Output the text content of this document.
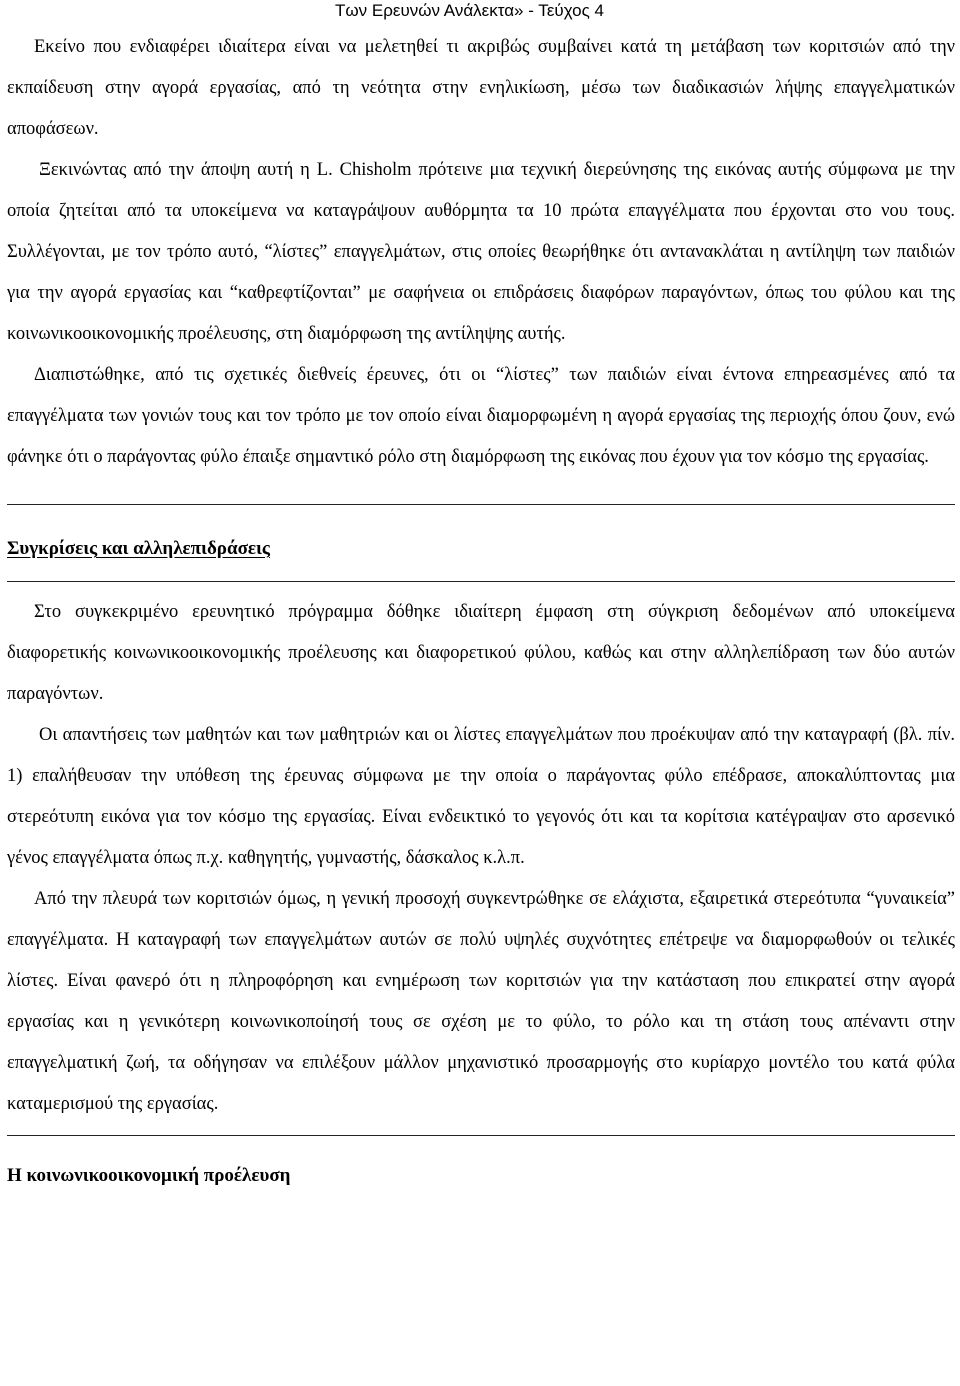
Των Ερευνών Ανάλεκτα» - Τεύχος 4

Εκείνο που ενδιαφέρει ιδιαίτερα είναι να μελετηθεί τι ακριβώς συμβαίνει κατά τη μετάβαση των κοριτσιών από την εκπαίδευση στην αγορά εργασίας, από τη νεότητα στην ενηλικίωση, μέσω των διαδικασιών λήψης επαγγελματικών αποφάσεων.

Ξεκινώντας από την άποψη αυτή η L. Chisholm πρότεινε μια τεχνική διερεύνησης της εικόνας αυτής σύμφωνα με την οποία ζητείται από τα υποκείμενα να καταγράψουν αυθόρμητα τα 10 πρώτα επαγγέλματα που έρχονται στο νου τους. Συλλέγονται, με τον τρόπο αυτό, “λίστες” επαγγελμάτων, στις οποίες θεωρήθηκε ότι αντανακλάται η αντίληψη των παιδιών για την αγορά εργασίας και “καθρεφτίζονται” με σαφήνεια οι επιδράσεις διαφόρων παραγόντων, όπως του φύλου και της κοινωνικοοικονομικής προέλευσης, στη διαμόρφωση της αντίληψης αυτής.

Διαπιστώθηκε, από τις σχετικές διεθνείς έρευνες, ότι οι “λίστες” των παιδιών είναι έντονα επηρεασμένες από τα επαγγέλματα των γονιών τους και τον τρόπο με τον οποίο είναι διαμορφωμένη η αγορά εργασίας της περιοχής όπου ζουν, ενώ φάνηκε ότι ο παράγοντας φύλο έπαιξε σημαντικό ρόλο στη διαμόρφωση της εικόνας που έχουν για τον κόσμο της εργασίας.

Συγκρίσεις και αλληλεπιδράσεις

Στο συγκεκριμένο ερευνητικό πρόγραμμα δόθηκε ιδιαίτερη έμφαση στη σύγκριση δεδομένων από υποκείμενα διαφορετικής κοινωνικοοικονομικής προέλευσης και διαφορετικού φύλου, καθώς και στην αλληλεπίδραση των δύο αυτών παραγόντων.

Οι απαντήσεις των μαθητών και των μαθητριών και οι λίστες επαγγελμάτων που προέκυψαν από την καταγραφή (βλ. πίν. 1) επαλήθευσαν την υπόθεση της έρευνας σύμφωνα με την οποία ο παράγοντας φύλο επέδρασε, αποκαλύπτοντας μια στερεότυπη εικόνα για τον κόσμο της εργασίας. Είναι ενδεικτικό το γεγονός ότι και τα κορίτσια κατέγραψαν στο αρσενικό γένος επαγγέλματα όπως π.χ. καθηγητής, γυμναστής, δάσκαλος κ.λ.π.

Από την πλευρά των κοριτσιών όμως, η γενική προσοχή συγκεντρώθηκε σε ελάχιστα, εξαιρετικά στερεότυπα “γυναικεία” επαγγέλματα. Η καταγραφή των επαγγελμάτων αυτών σε πολύ υψηλές συχνότητες επέτρεψε να διαμορφωθούν οι τελικές λίστες. Είναι φανερό ότι η πληροφόρηση και ενημέρωση των κοριτσιών για την κατάσταση που επικρατεί στην αγορά εργασίας και η γενικότερη κοινωνικοποίησή τους σε σχέση με το φύλο, το ρόλο και τη στάση τους απέναντι στην επαγγελματική ζωή, τα οδήγησαν να επιλέξουν μάλλον μηχανιστικό προσαρμογής στο κυρίαρχο μοντέλο του κατά φύλα καταμερισμού της εργασίας.

Η κοινωνικοοικονομική προέλευση
